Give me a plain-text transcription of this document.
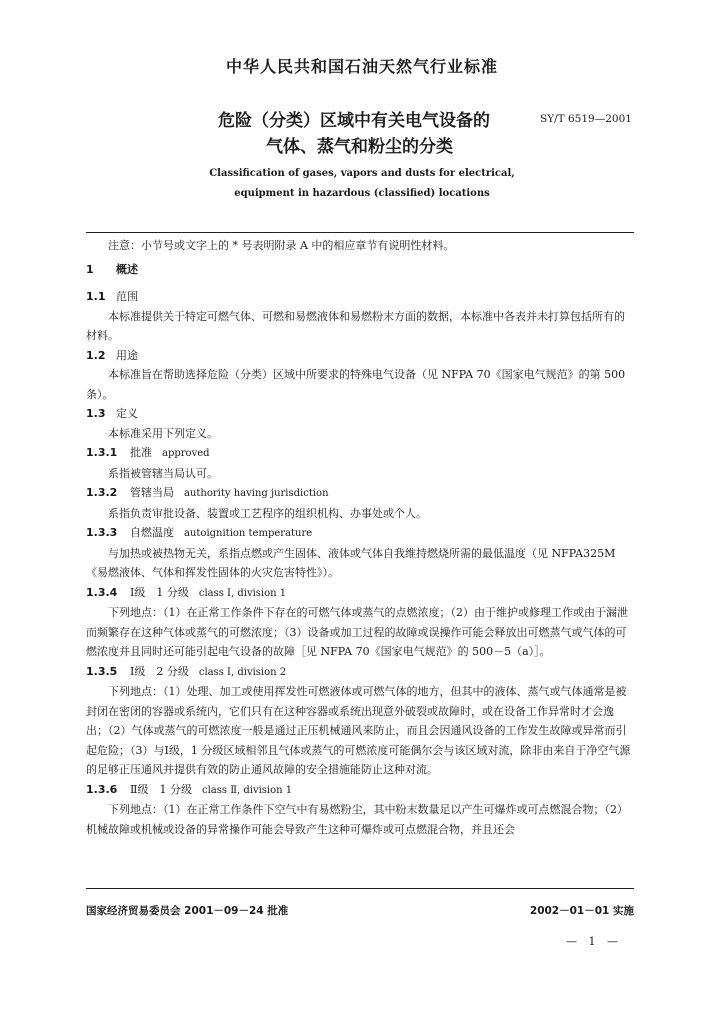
中华人民共和国石油天然气行业标准
危险（分类）区域中有关电气设备的	SY/T 6519—2001
气体、蒸气和粉尘的分类
Classification of gases, vapors and dusts for electrical,
equipment in hazardous (classified) locations

注意：小节号或文字上的 * 号表明附录 A 中的相应章节有说明性材料。

1 概述

1.1 范围

本标准提供关于特定可燃气体、可燃和易燃液体和易燃粉末方面的数据，本标准中各表并未打算包括所有的材料。

1.2 用途

本标准旨在帮助选择危险（分类）区域中所要求的特殊电气设备（见 NFPA 70《国家电气规范》的第 500 条）。

1.3 定义

本标准采用下列定义。

1.3.1 批准 approved

系指被管辖当局认可。

1.3.2 管辖当局 authority having jurisdiction

系指负责审批设备、装置或工艺程序的组织机构、办事处或个人。

1.3.3 自燃温度 autoignition temperature

与加热或被热物无关，系指点燃或产生固体、液体或气体自我维持燃烧所需的最低温度（见 NFPA325M《易燃液体、气体和挥发性固体的火灾危害特性》）。

1.3.4 Ⅰ级　1 分级 class Ⅰ, division 1

下列地点：（1）在正常工作条件下存在的可燃气体或蒸气的点燃浓度；（2）由于维护或修理工作或由于漏泄而频繁存在这种气体或蒸气的可燃浓度；（3）设备或加工过程的故障或误操作可能会释放出可燃蒸气或气体的可燃浓度并且同时还可能引起电气设备的故障［见 NFPA 70《国家电气规范》的 500－5（a）］。

1.3.5 Ⅰ级　2 分级 class Ⅰ, division 2

下列地点：（1）处理、加工或使用挥发性可燃液体或可燃气体的地方，但其中的液体、蒸气或气体通常是被封闭在密闭的容器或系统内，它们只有在这种容器或系统出现意外破裂或故障时，或在设备工作异常时才会逸出；（2）气体或蒸气的可燃浓度一般是通过正压机械通风来防止，而且会因通风设备的工作发生故障或异常而引起危险；（3）与Ⅰ级，1 分级区域相邻且气体或蒸气的可燃浓度可能偶尔会与该区域对流，除非由来自于净空气源的足够正压通风并提供有效的防止通风故障的安全措施能防止这种对流。

1.3.6 Ⅱ级　1 分级 class Ⅱ, division 1

下列地点：（1）在正常工作条件下空气中有易燃粉尘，其中粉末数量足以产生可爆炸或可点燃混合物；（2）机械故障或机械或设备的异常操作可能会导致产生这种可爆炸或可点燃混合物，并且还会

国家经济贸易委员会 2001－09－24 批准	2002－01－01 实施
— 1 —
